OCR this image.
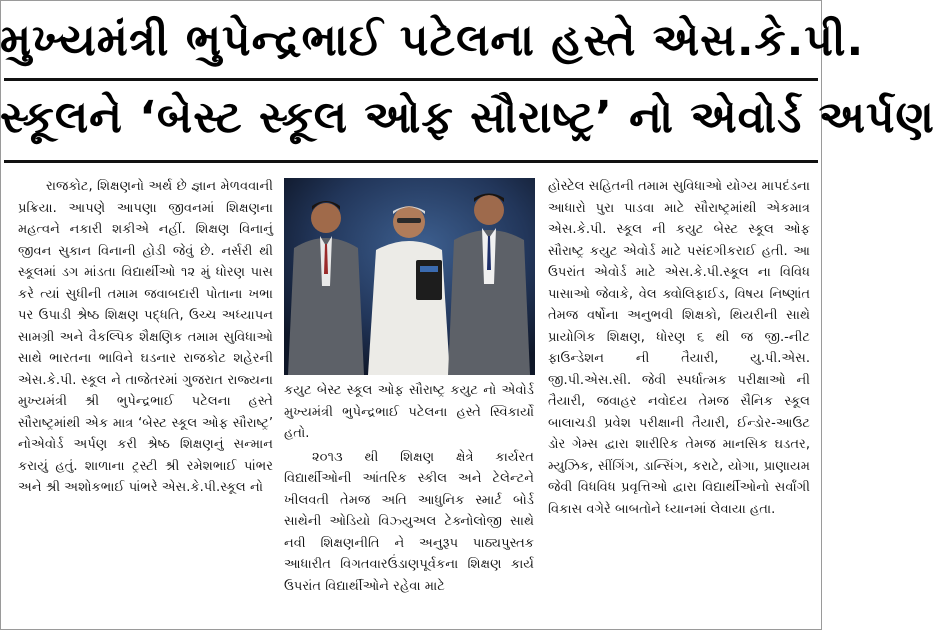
મુખ્યમંત્રી ભુપેન્દ્રભાઈ પટેલના હસ્તે એસ.કે.પી.
સ્કૂલને ‘બેસ્ટ સ્કૂલ ઓફ સૌરાષ્ટ્ર’ નો એવોર્ડ અર્પણ

રાજકોટ, શિક્ષણનો અર્થ છે જ્ઞાન મેળવવાની પ્રક્રિયા. આપણે આપણા જીવનમાં શિક્ષણના મહત્વને નકારી શકીએ નહીં. શિક્ષણ વિનાનું જીવન સુકાન વિનાની હોડી જેવું છે. નર્સરી થી સ્કૂલમાં ડગ માંડતા વિદ્યાર્થીઓ ૧૨ મું ધોરણ પાસ કરે ત્યાં સુધીની તમામ જવાબદારી પોતાના ખભા પર ઉપાડી શ્રેષ્ઠ શિક્ષણ પદ્ધતિ, ઉચ્ચ અધ્યાપન સામગ્રી અને વૈકલ્પિક શૈક્ષણિક તમામ સુવિધાઓ સાથે ભારતના ભાવિને ઘડનાર રાજકોટ શહેરની એસ.કે.પી. સ્કૂલ ને તાજેતરમાં ગુજરાત રાજ્યના મુખ્યમંત્રી શ્રી ભુપેન્દ્રભાઈ પટેલના હસ્તે સૌરાષ્ટ્રમાંથી એક માત્ર ‘બેસ્ટ સ્કૂલ ઓફ સૌરાષ્ટ્ર’ નોએવોર્ડ અર્પણ કરી શ્રેષ્ઠ શિક્ષણનું સન્માન કરાયું હતું. શાળાના ટ્રસ્ટી શ્રી રમેશભાઈ પાંભર અને શ્રી અશોકભાઈ પાંભરે એસ.કે.પી.સ્કૂલ નો

કયુટ બેસ્ટ સ્કૂલ ઓફ સૌરાષ્ટ્ર કયુટ નો એવોર્ડ મુખ્યમંત્રી ભુપેન્દ્રભાઈ પટેલના હસ્તે સ્વિકાર્યો હતો.

૨૦૧૩ થી શિક્ષણ ક્ષેત્રે કાર્યરત વિદ્યાર્થીઓની આંતરિક સ્કીલ અને ટેલેન્ટને ખીલવતી તેમજ અતિ આધુનિક સ્માર્ટ બોર્ડ સાથેની ઓડિયો વિઝ્યુઅલ ટેક્નોલોજી સાથે નવી શિક્ષણનીતિ ને અનુરૂપ પાઠ્યપુસ્તક આધારીત વિગતવારઉંડાણપૂર્વકના શિક્ષણ કાર્ય ઉપરાંત વિદ્યાર્થીઓને રહેવા માટે

હોસ્ટેલ સહિતની તમામ સુવિધાઓ યોગ્ય માપદંડના આધારો પુરા પાડવા માટે સૌરાષ્ટ્રમાંથી એકમાત્ર એસ.કે.પી. સ્કૂલ ની કયુટ બેસ્ટ સ્કૂલ ઓફ સૌરાષ્ટ્ર કયુટ એવોર્ડ માટે પસંદગીકરાઈ હતી. આ ઉપરાંત એવોર્ડ માટે એસ.કે.પી.સ્કૂલ ના વિવિધ પાસાઓ જેવાકે, વેલ ક્વોલિફાઈડ, વિષય નિષ્ણાંત તેમજ વર્ષોના અનુભવી શિક્ષકો, થિયરીની સાથે પ્રાયોગિક શિક્ષણ, ધોરણ ૬ થી જ જી.-નીટ ફાઉન્ડેશન ની તૈયારી, યુ.પી.એસ. જી.પી.એસ.સી. જેવી સ્પર્ધાત્મક પરીક્ષાઓ ની તૈયારી, જવાહર નવોદય તેમજ સૈનિક સ્કૂલ બાલાચડી પ્રવેશ પરીક્ષાની તૈયારી, ઈન્ડોર-આઉટ ડોર ગેમ્સ દ્વારા શારીરિક તેમજ માનસિક ઘડતર, મ્યુઝિક, સીંગિંગ, ડાન્સિંગ, કરાટે, યોગા, પ્રાણાયમ જેવી વિધવિધ પ્રવૃત્તિઓ દ્વારા વિદ્યાર્થીઓનો સર્વાંગી વિકાસ વગેરે બાબતોને ધ્યાનમાં લેવાયા હતા.
